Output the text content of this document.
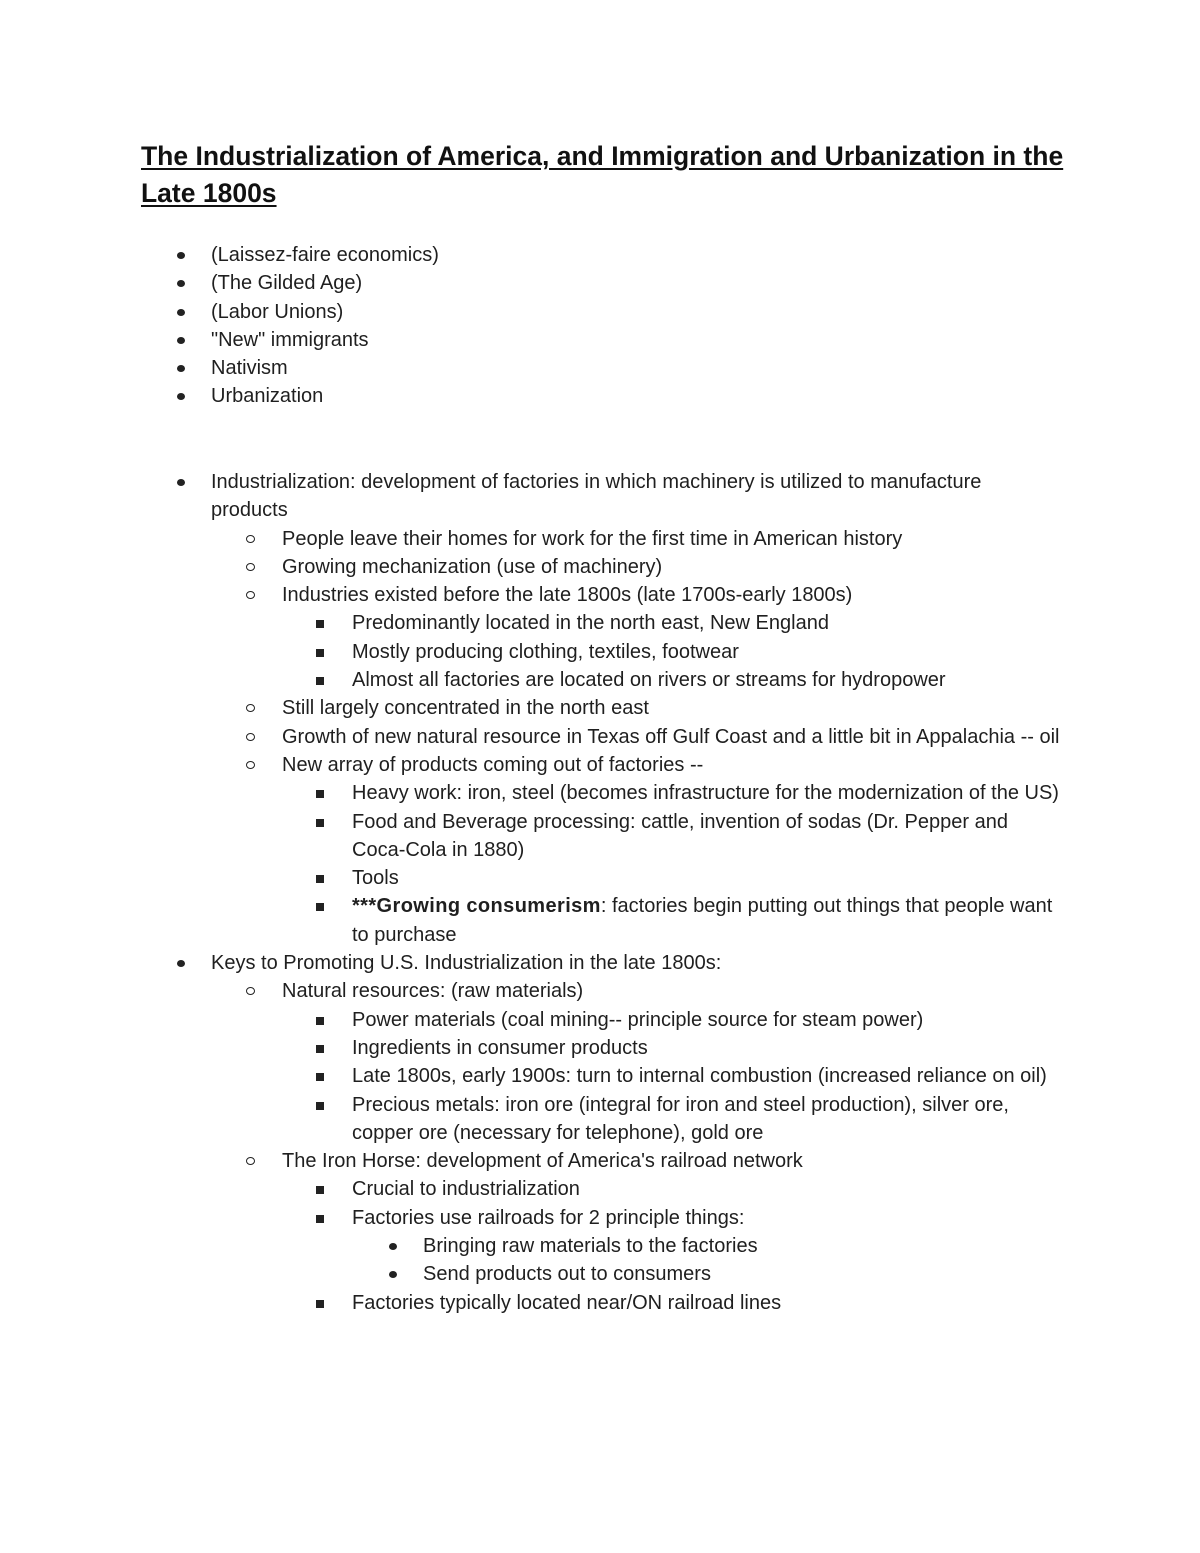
The Industrialization of America, and Immigration and Urbanization in the Late 1800s
(Laissez-faire economics)
(The Gilded Age)
(Labor Unions)
"New" immigrants
Nativism
Urbanization
Industrialization: development of factories in which machinery is utilized to manufacture products
People leave their homes for work for the first time in American history
Growing mechanization (use of machinery)
Industries existed before the late 1800s (late 1700s-early 1800s)
Predominantly located in the north east, New England
Mostly producing clothing, textiles, footwear
Almost all factories are located on rivers or streams for hydropower
Still largely concentrated in the north east
Growth of new natural resource in Texas off Gulf Coast and a little bit in Appalachia -- oil
New array of products coming out of factories --
Heavy work: iron, steel (becomes infrastructure for the modernization of the US)
Food and Beverage processing: cattle, invention of sodas (Dr. Pepper and Coca-Cola in 1880)
Tools
***Growing consumerism: factories begin putting out things that people want to purchase
Keys to Promoting U.S. Industrialization in the late 1800s:
Natural resources: (raw materials)
Power materials (coal mining-- principle source for steam power)
Ingredients in consumer products
Late 1800s, early 1900s: turn to internal combustion (increased reliance on oil)
Precious metals: iron ore (integral for iron and steel production), silver ore, copper ore (necessary for telephone), gold ore
The Iron Horse: development of America's railroad network
Crucial to industrialization
Factories use railroads for 2 principle things:
Bringing raw materials to the factories
Send products out to consumers
Factories typically located near/ON railroad lines
